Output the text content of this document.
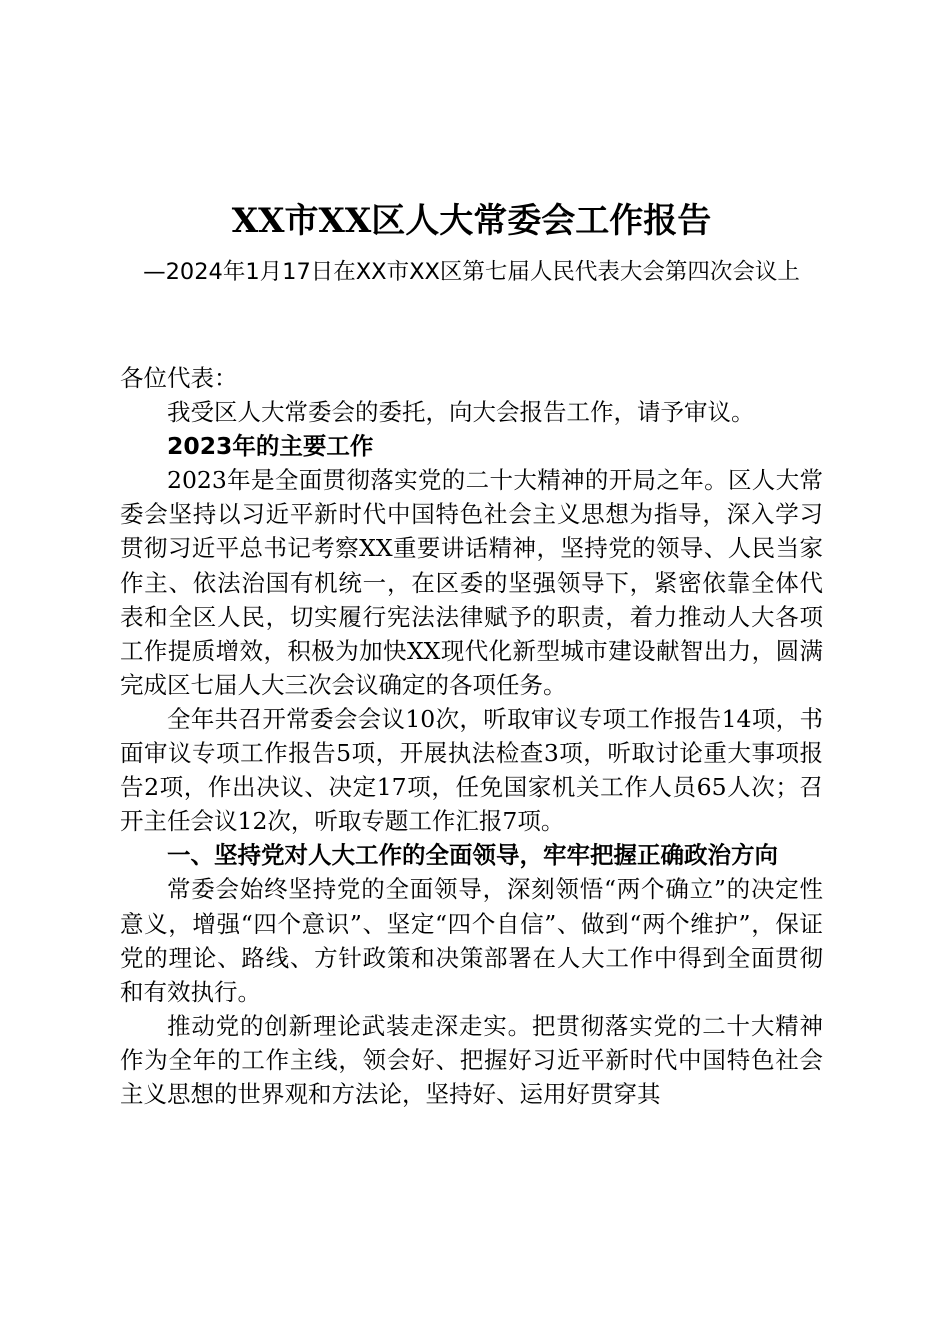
XX市XX区人大常委会工作报告
—2024年1月17日在XX市XX区第七届人民代表大会第四次会议上

各位代表：

我受区人大常委会的委托，向大会报告工作，请予审议。

2023年的主要工作

2023年是全面贯彻落实党的二十大精神的开局之年。区人大常委会坚持以习近平新时代中国特色社会主义思想为指导，深入学习贯彻习近平总书记考察XX重要讲话精神，坚持党的领导、人民当家作主、依法治国有机统一，在区委的坚强领导下，紧密依靠全体代表和全区人民，切实履行宪法法律赋予的职责，着力推动人大各项工作提质增效，积极为加快XX现代化新型城市建设献智出力，圆满完成区七届人大三次会议确定的各项任务。

全年共召开常委会会议10次，听取审议专项工作报告14项，书面审议专项工作报告5项，开展执法检查3项，听取讨论重大事项报告2项，作出决议、决定17项，任免国家机关工作人员65人次；召开主任会议12次，听取专题工作汇报7项。

一、坚持党对人大工作的全面领导，牢牢把握正确政治方向

常委会始终坚持党的全面领导，深刻领悟“两个确立”的决定性意义，增强“四个意识”、坚定“四个自信”、做到“两个维护”，保证党的理论、路线、方针政策和决策部署在人大工作中得到全面贯彻和有效执行。

推动党的创新理论武装走深走实。把贯彻落实党的二十大精神作为全年的工作主线，领会好、把握好习近平新时代中国特色社会主义思想的世界观和方法论，坚持好、运用好贯穿其
